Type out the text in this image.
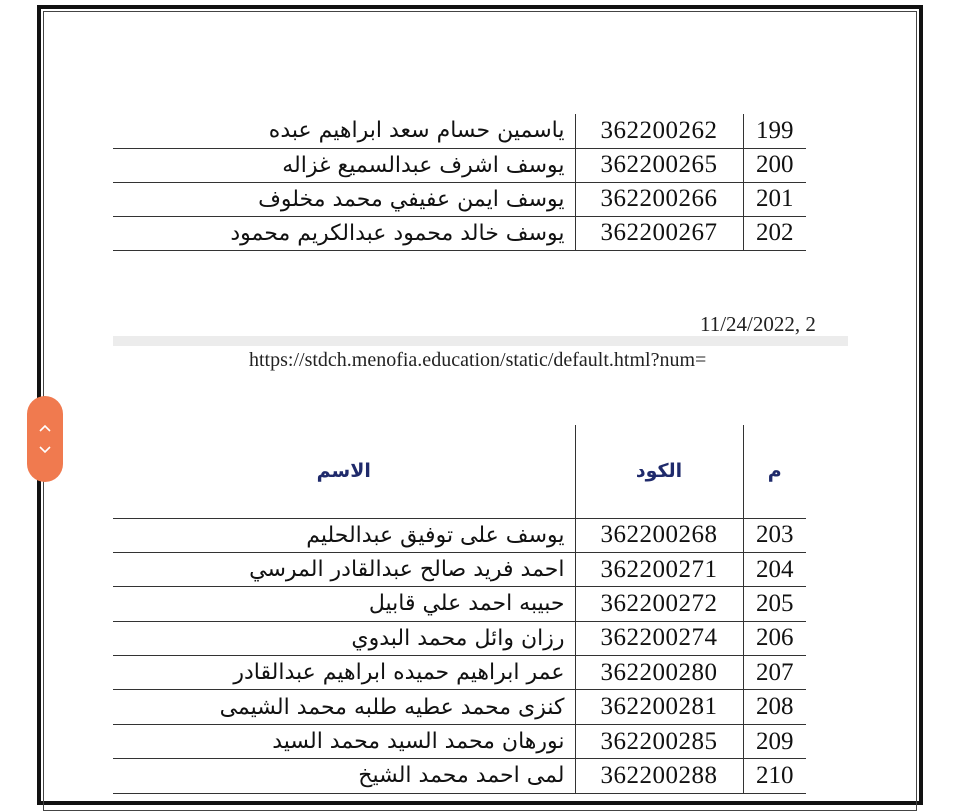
199	362200262	ياسمين حسام سعد ابراهيم عبده
200	362200265	يوسف اشرف عبدالسميع غزاله
201	362200266	يوسف ايمن عفيفي محمد مخلوف
202	362200267	يوسف خالد محمود عبدالكريم محمود
11/24/2022, 2
https://stdch.menofia.education/static/default.html?num=
م	الكود	الاسم
203	362200268	يوسف على توفيق عبدالحليم
204	362200271	احمد فريد صالح عبدالقادر المرسي
205	362200272	حبيبه احمد علي قابيل
206	362200274	رزان وائل محمد البدوي
207	362200280	عمر ابراهيم حميده ابراهيم عبدالقادر
208	362200281	كنزى محمد عطيه طلبه محمد الشيمى
209	362200285	نورهان محمد السيد محمد السيد
210	362200288	لمى احمد محمد الشيخ
